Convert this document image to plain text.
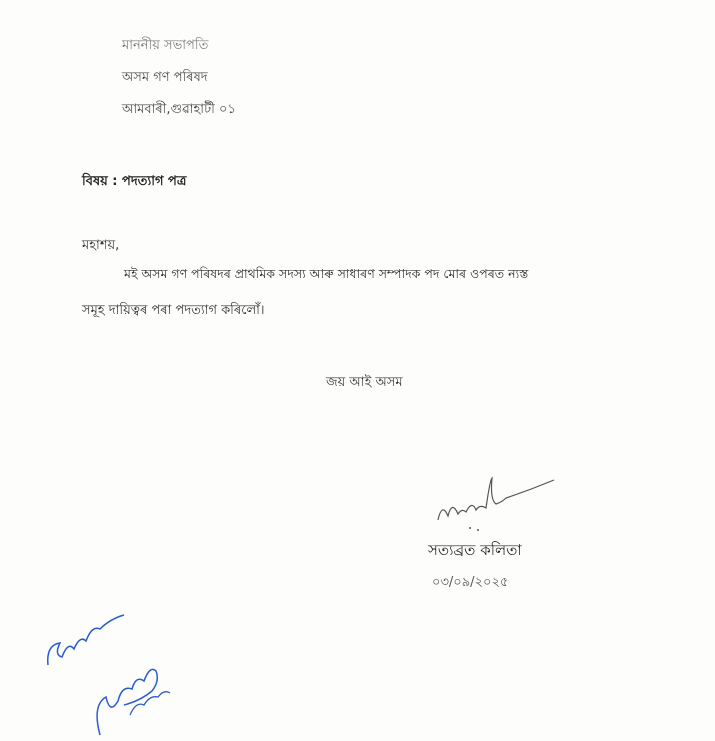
মাননীয় সভাপতি
অসম গণ পৰিষদ
আমবাৰী,গুৱাহাটী ০১
বিষয় : পদত্যাগ পত্ৰ
মহাশয়,
মই অসম গণ পৰিষদৰ প্ৰাথমিক সদস্য আৰু সাধাৰণ সম্পাদক পদ মোৰ ওপৰত ন্যস্ত
সমূহ দায়িত্বৰ পৰা পদত্যাগ কৰিলোঁ।
জয় আই অসম
সত্যব্ৰত কলিতা
০৩/০৯/২০২৫
